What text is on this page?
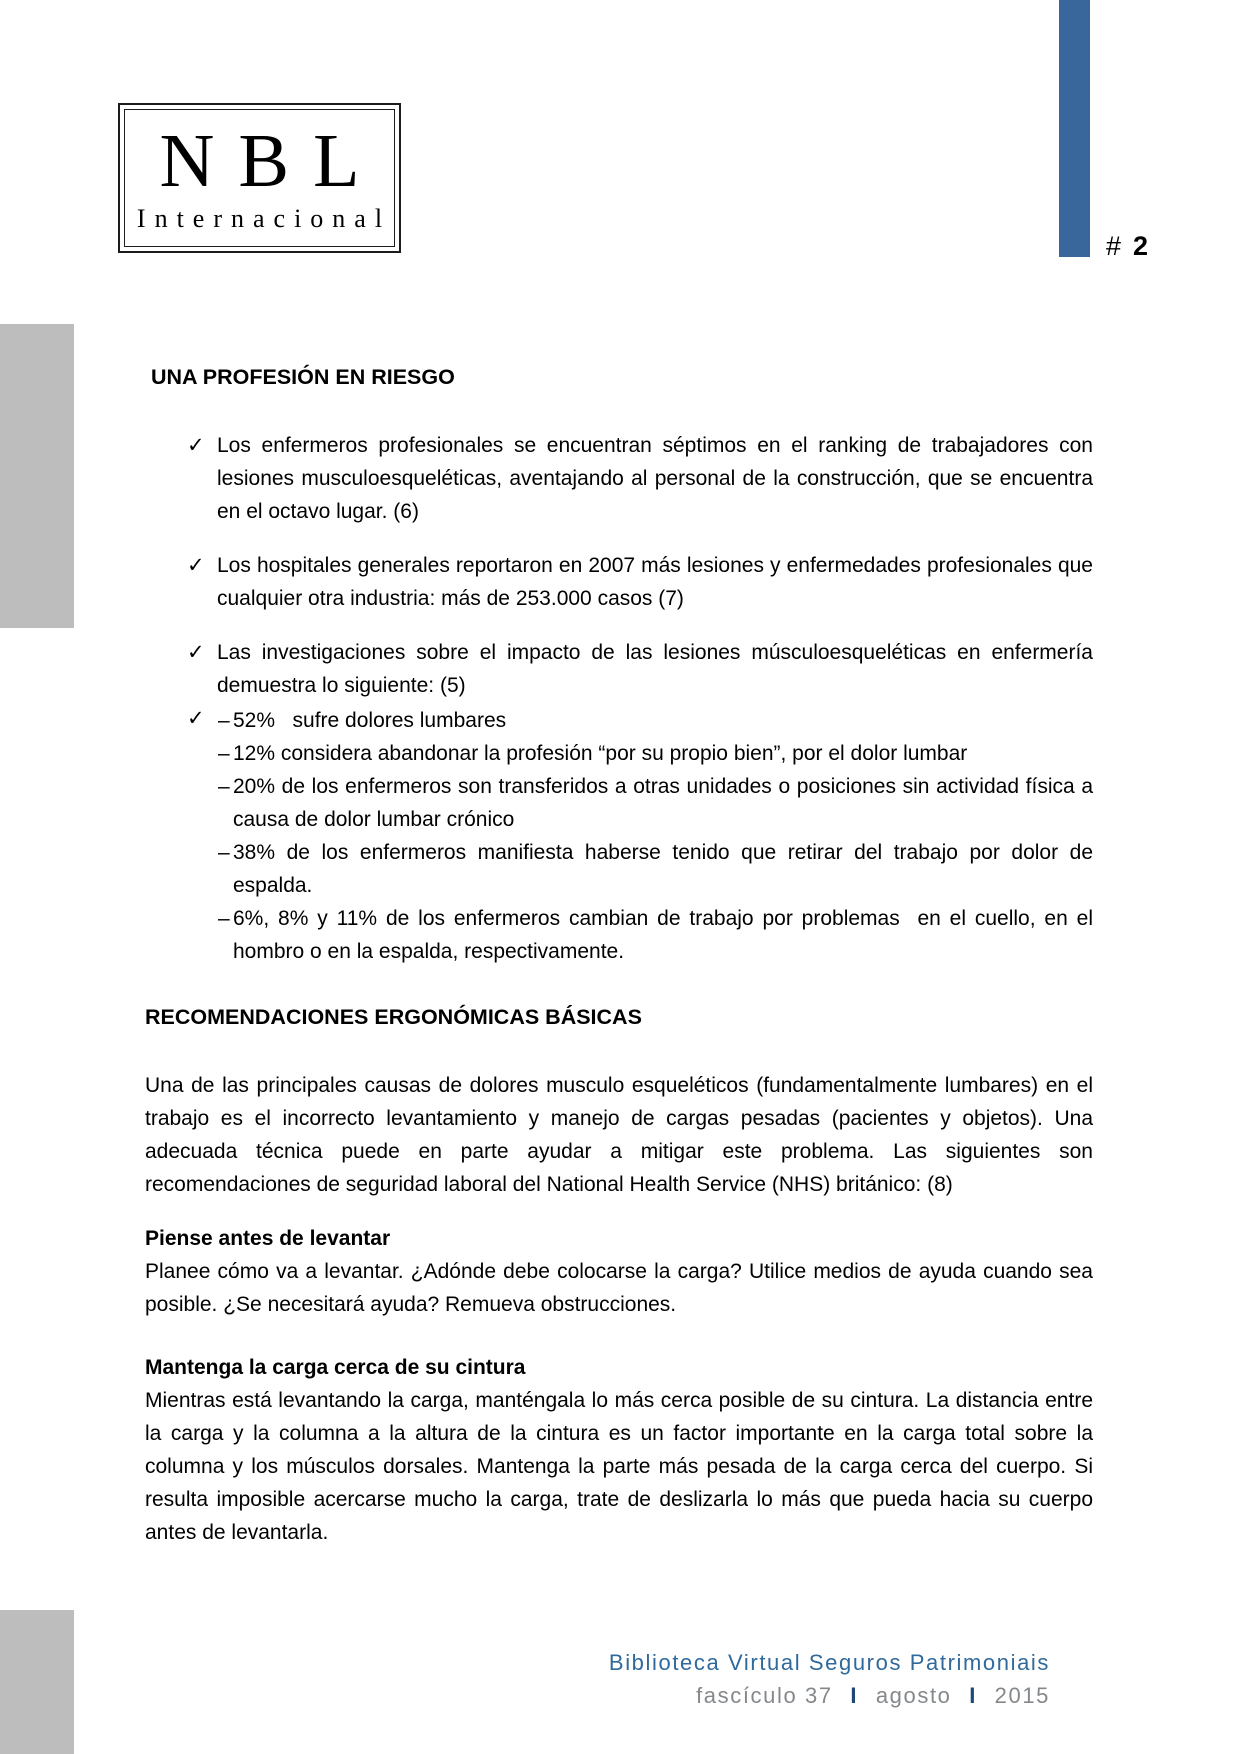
# 2
NBL
Internacional
UNA PROFESIÓN EN RIESGO
✓ Los enfermeros profesionales se encuentran séptimos en el ranking de trabajadores con lesiones musculoesqueléticas, aventajando al personal de la construcción, que se encuentra en el octavo lugar. (6)
✓ Los hospitales generales reportaron en 2007 más lesiones y enfermedades profesionales que cualquier otra industria: más de 253.000 casos (7)
✓ Las investigaciones sobre el impacto de las lesiones músculoesqueléticas en enfermería demuestra lo siguiente: (5)
✓ – 52%   sufre dolores lumbares
– 12% considera abandonar la profesión “por su propio bien”, por el dolor lumbar
– 20% de los enfermeros son transferidos a otras unidades o posiciones sin actividad física a causa de dolor lumbar crónico
– 38% de los enfermeros manifiesta haberse tenido que retirar del trabajo por dolor de espalda.
– 6%, 8% y 11% de los enfermeros cambian de trabajo por problemas  en el cuello, en el hombro o en la espalda, respectivamente.
RECOMENDACIONES ERGONÓMICAS BÁSICAS

Una de las principales causas de dolores musculo esqueléticos (fundamentalmente lumbares) en el trabajo es el incorrecto levantamiento y manejo de cargas pesadas (pacientes y objetos). Una adecuada técnica puede en parte ayudar a mitigar este problema. Las siguientes son recomendaciones de seguridad laboral del National Health Service (NHS) británico: (8)

Piense antes de levantar

Planee cómo va a levantar. ¿Adónde debe colocarse la carga? Utilice medios de ayuda cuando sea posible. ¿Se necesitará ayuda? Remueva obstrucciones.

Mantenga la carga cerca de su cintura

Mientras está levantando la carga, manténgala lo más cerca posible de su cintura. La distancia entre la carga y la columna a la altura de la cintura es un factor importante en la carga total sobre la columna y los músculos dorsales. Mantenga la parte más pesada de la carga cerca del cuerpo. Si resulta imposible acercarse mucho la carga, trate de deslizarla lo más que pueda hacia su cuerpo antes de levantarla.

Biblioteca Virtual Seguros Patrimoniais
fascículo 37 I agosto I 2015
